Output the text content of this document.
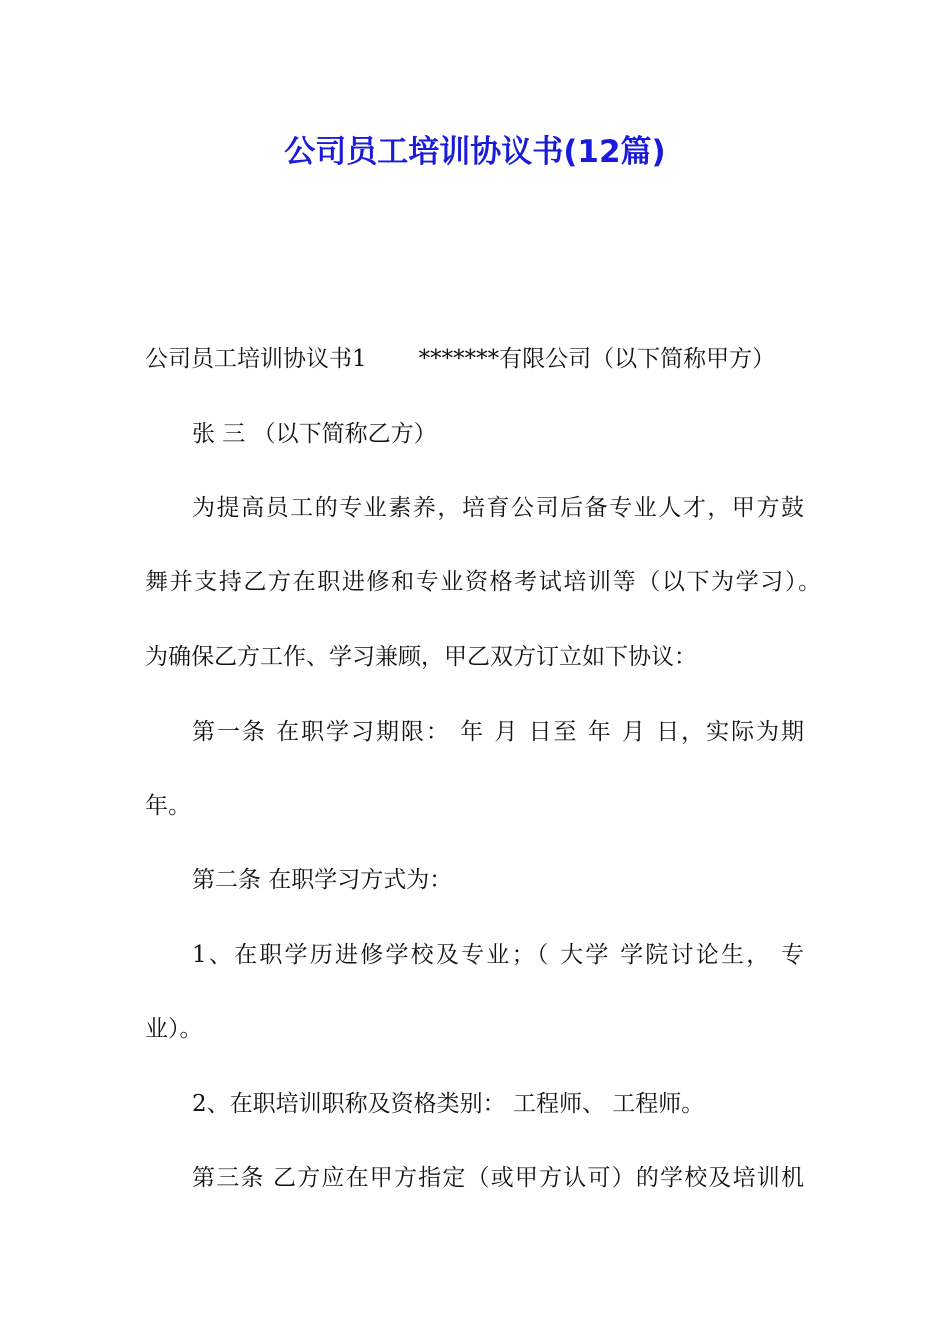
公司员工培训协议书(12篇)
公司员工培训协议书1 *******有限公司（以下简称甲方）
张 三 （以下简称乙方）
为提高员工的专业素养，培育公司后备专业人才，甲方鼓
舞并支持乙方在职进修和专业资格考试培训等（以下为学习）。
为确保乙方工作、学习兼顾，甲乙双方订立如下协议：
第一条 在职学习期限： 年 月 日至 年 月 日，实际为期
年。
第二条 在职学习方式为：
1、在职学历进修学校及专业；（ 大学 学院讨论生， 专
业）。
2、在职培训职称及资格类别： 工程师、 工程师。
第三条 乙方应在甲方指定（或甲方认可）的学校及培训机
